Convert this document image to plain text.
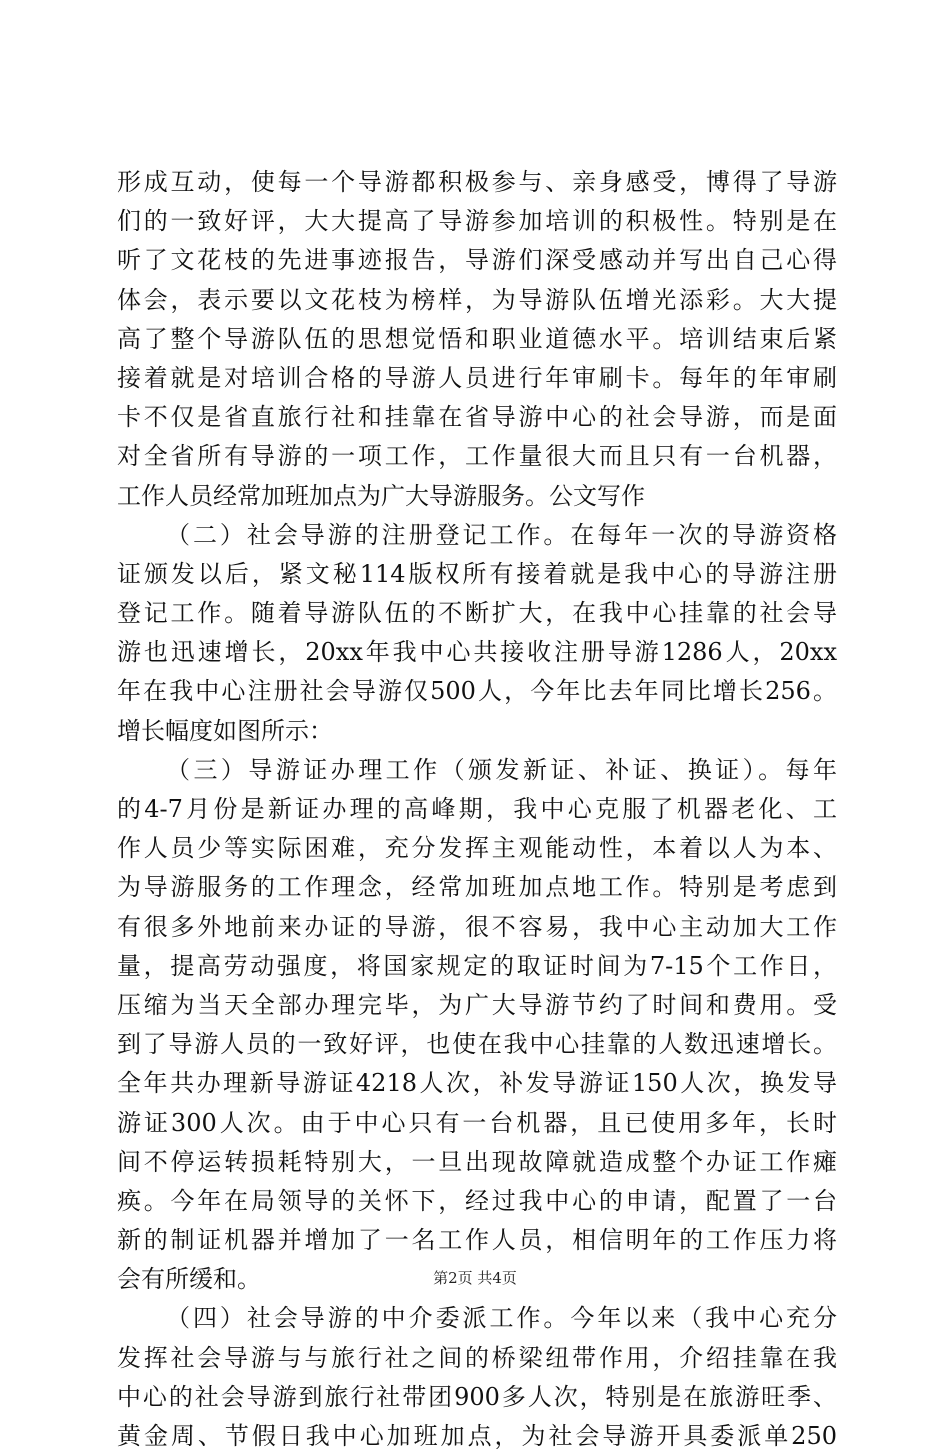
形成互动，使每一个导游都积极参与、亲身感受，博得了导游
们的一致好评，大大提高了导游参加培训的积极性。特别是在
听了文花枝的先进事迹报告，导游们深受感动并写出自己心得
体会，表示要以文花枝为榜样，为导游队伍增光添彩。大大提
高了整个导游队伍的思想觉悟和职业道德水平。培训结束后紧
接着就是对培训合格的导游人员进行年审刷卡。每年的年审刷
卡不仅是省直旅行社和挂靠在省导游中心的社会导游，而是面
对全省所有导游的一项工作，工作量很大而且只有一台机器，
工作人员经常加班加点为广大导游服务。公文写作
（二）社会导游的注册登记工作。在每年一次的导游资格
证颁发以后，紧文秘114版权所有接着就是我中心的导游注册
登记工作。随着导游队伍的不断扩大，在我中心挂靠的社会导
游也迅速增长，20xx年我中心共接收注册导游1286人，20xx
年在我中心注册社会导游仅500人，今年比去年同比增长256。
增长幅度如图所示：
（三）导游证办理工作（颁发新证、补证、换证）。每年
的4-7月份是新证办理的高峰期，我中心克服了机器老化、工
作人员少等实际困难，充分发挥主观能动性，本着以人为本、
为导游服务的工作理念，经常加班加点地工作。特别是考虑到
有很多外地前来办证的导游，很不容易，我中心主动加大工作
量，提高劳动强度，将国家规定的取证时间为7-15个工作日，
压缩为当天全部办理完毕，为广大导游节约了时间和费用。受
到了导游人员的一致好评，也使在我中心挂靠的人数迅速增长。
全年共办理新导游证4218人次，补发导游证150人次，换发导
游证300人次。由于中心只有一台机器，且已使用多年，长时
间不停运转损耗特别大，一旦出现故障就造成整个办证工作瘫
痪。今年在局领导的关怀下，经过我中心的申请，配置了一台
新的制证机器并增加了一名工作人员，相信明年的工作压力将
会有所缓和。
（四）社会导游的中介委派工作。今年以来（我中心充分
发挥社会导游与与旅行社之间的桥梁纽带作用，介绍挂靠在我
中心的社会导游到旅行社带团900多人次，特别是在旅游旺季、
黄金周、节假日我中心加班加点，为社会导游开具委派单250
第2页 共4页
